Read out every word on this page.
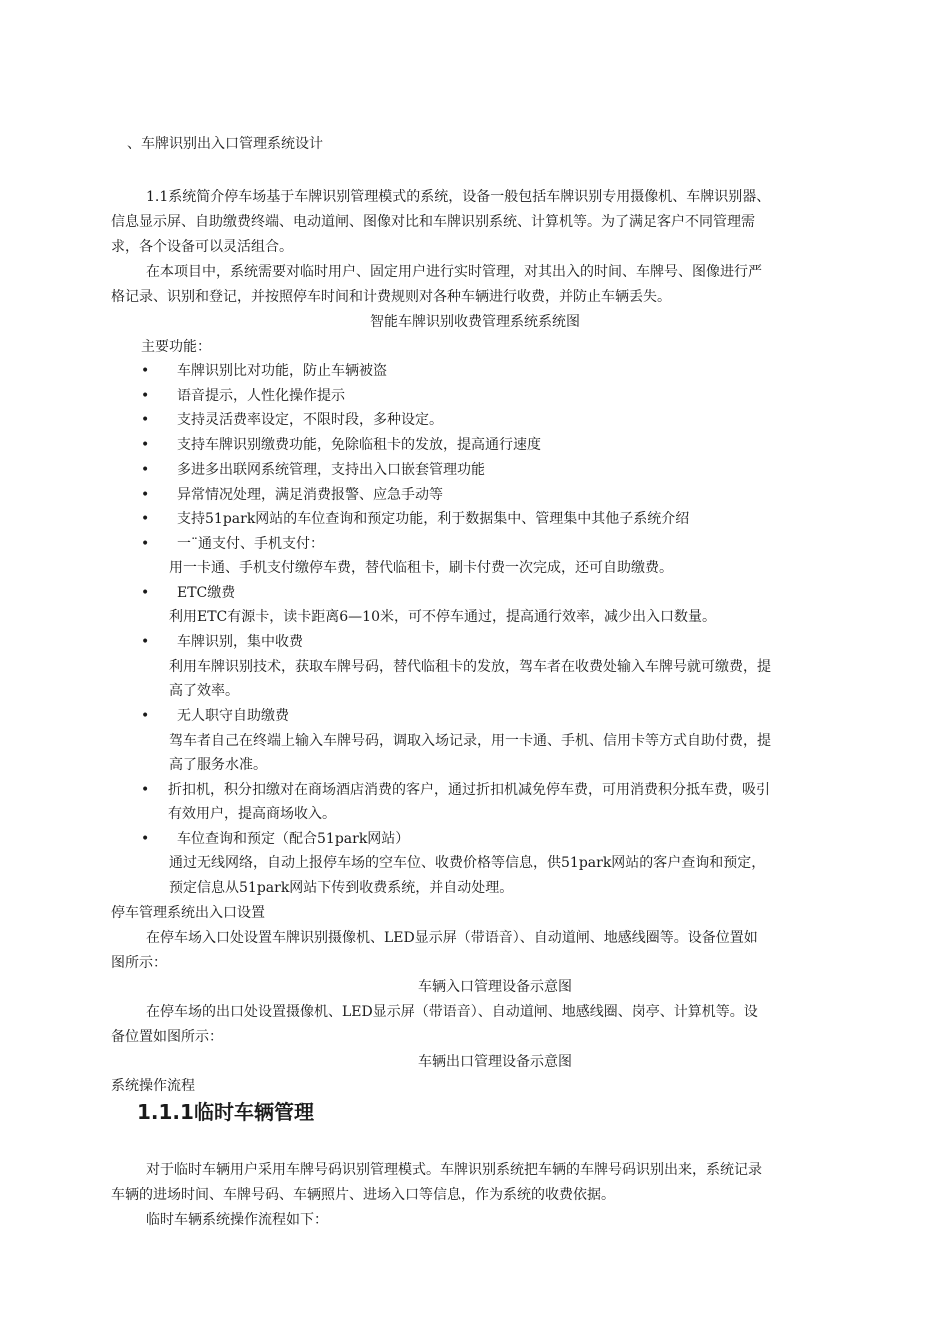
、车牌识别出入口管理系统设计
1.1系统简介停车场基于车牌识别管理模式的系统，设备一般包括车牌识别专用摄像机、车牌识别器、
信息显示屏、自助缴费终端、电动道闸、图像对比和车牌识别系统、计算机等。为了满足客户不同管理需
求，各个设备可以灵活组合。
在本项目中，系统需要对临时用户、固定用户进行实时管理，对其出入的时间、车牌号、图像进行严
格记录、识别和登记，并按照停车时间和计费规则对各种车辆进行收费，并防止车辆丢失。
智能车牌识别收费管理系统系统图
主要功能：
• 车牌识别比对功能，防止车辆被盗
• 语音提示，人性化操作提示
• 支持灵活费率设定，不限时段，多种设定。
• 支持车牌识别缴费功能，免除临租卡的发放，提高通行速度
• 多进多出联网系统管理，支持出入口嵌套管理功能
• 异常情况处理，满足消费报警、应急手动等
• 支持51park网站的车位查询和预定功能，利于数据集中、管理集中其他子系统介绍
• 一¨通支付、手机支付：
用一卡通、手机支付缴停车费，替代临租卡，刷卡付费一次完成，还可自助缴费。
• ETC缴费
利用ETC有源卡，读卡距离6—10米，可不停车通过，提高通行效率，减少出入口数量。
• 车牌识别，集中收费
利用车牌识别技术，获取车牌号码，替代临租卡的发放，驾车者在收费处输入车牌号就可缴费，提
高了效率。
• 无人职守自助缴费
驾车者自己在终端上输入车牌号码，调取入场记录，用一卡通、手机、信用卡等方式自助付费，提
高了服务水准。
• 折扣机，积分扣缴对在商场酒店消费的客户，通过折扣机减免停车费，可用消费积分抵车费，吸引
有效用户，提高商场收入。
• 车位查询和预定（配合51park网站）
通过无线网络，自动上报停车场的空车位、收费价格等信息，供51park网站的客户查询和预定，
预定信息从51park网站下传到收费系统，并自动处理。
停车管理系统出入口设置
在停车场入口处设置车牌识别摄像机、LED显示屏（带语音）、自动道闸、地感线圈等。设备位置如
图所示：
车辆入口管理设备示意图
在停车场的出口处设置摄像机、LED显示屏（带语音）、自动道闸、地感线圈、岗亭、计算机等。设
备位置如图所示：
车辆出口管理设备示意图
系统操作流程
1.1.1临时车辆管理
对于临时车辆用户采用车牌号码识别管理模式。车牌识别系统把车辆的车牌号码识别出来，系统记录
车辆的进场时间、车牌号码、车辆照片、进场入口等信息，作为系统的收费依据。
临时车辆系统操作流程如下：
